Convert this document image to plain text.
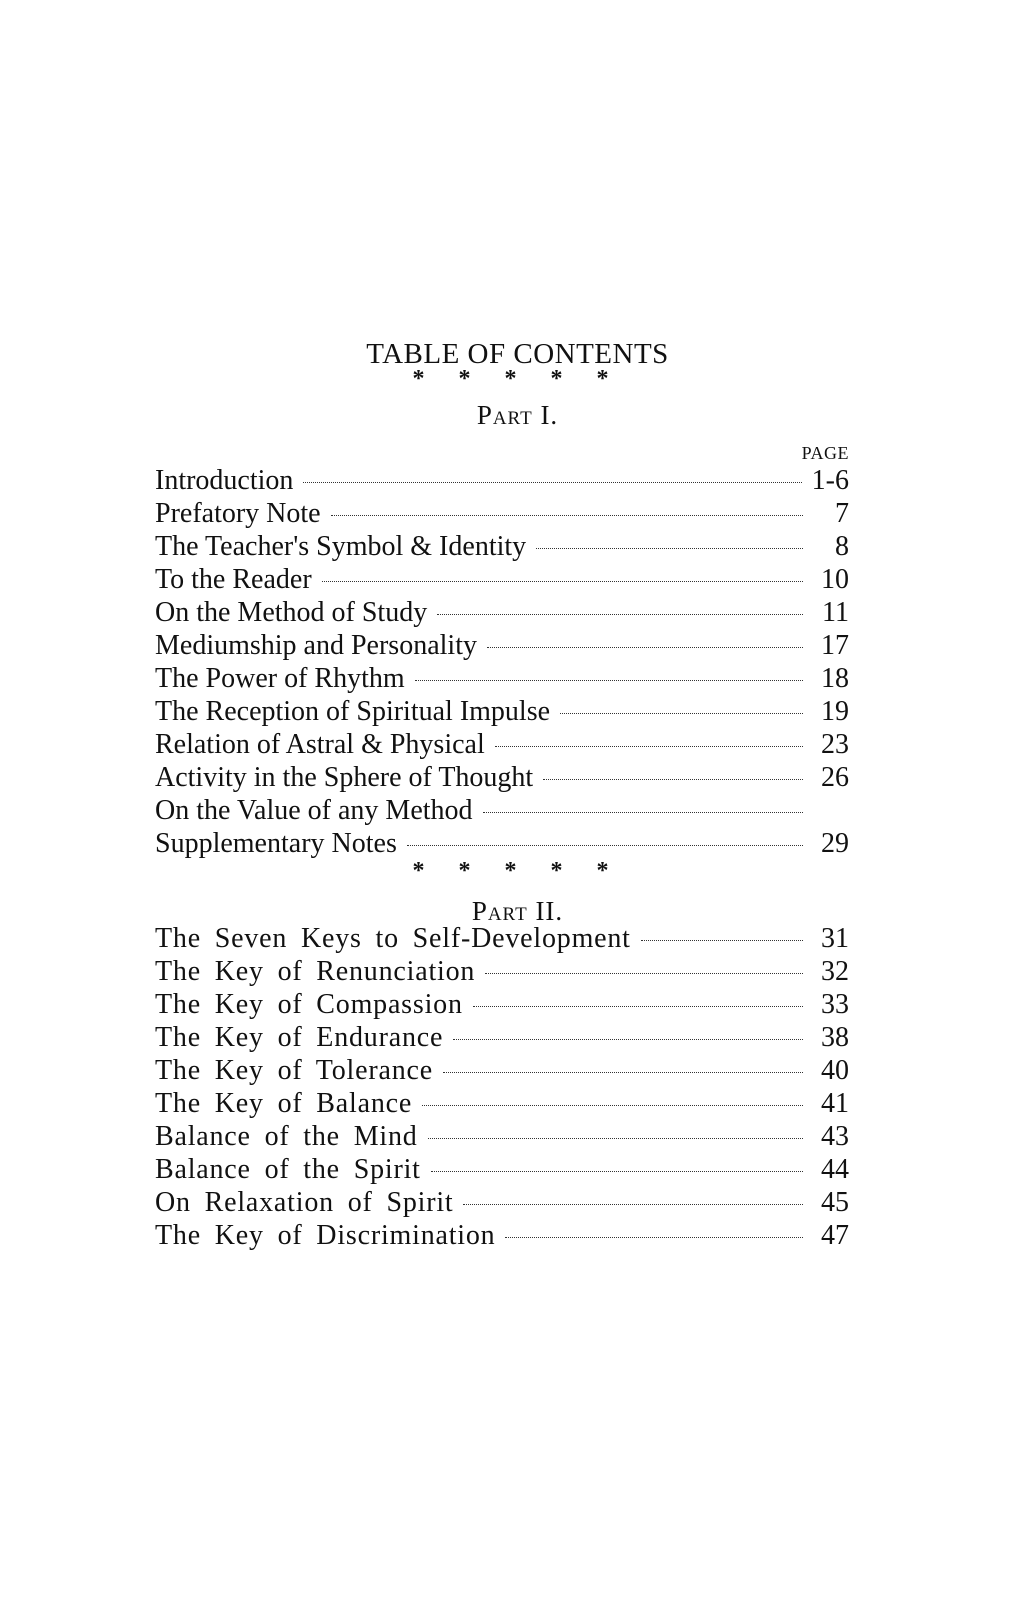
TABLE OF CONTENTS
* * * * *
Part I.
PAGE
Introduction	1-6
Prefatory Note	7
The Teacher's Symbol & Identity	8
To the Reader	10
On the Method of Study	11
Mediumship and Personality	17
The Power of Rhythm	18
The Reception of Spiritual Impulse	19
Relation of Astral & Physical	23
Activity in the Sphere of Thought	26
On the Value of any Method
Supplementary Notes	29
* * * * *
Part II.
The Seven Keys to Self-Development	31
The Key of Renunciation	32
The Key of Compassion	33
The Key of Endurance	38
The Key of Tolerance	40
The Key of Balance	41
Balance of the Mind	43
Balance of the Spirit	44
On Relaxation of Spirit	45
The Key of Discrimination	47
